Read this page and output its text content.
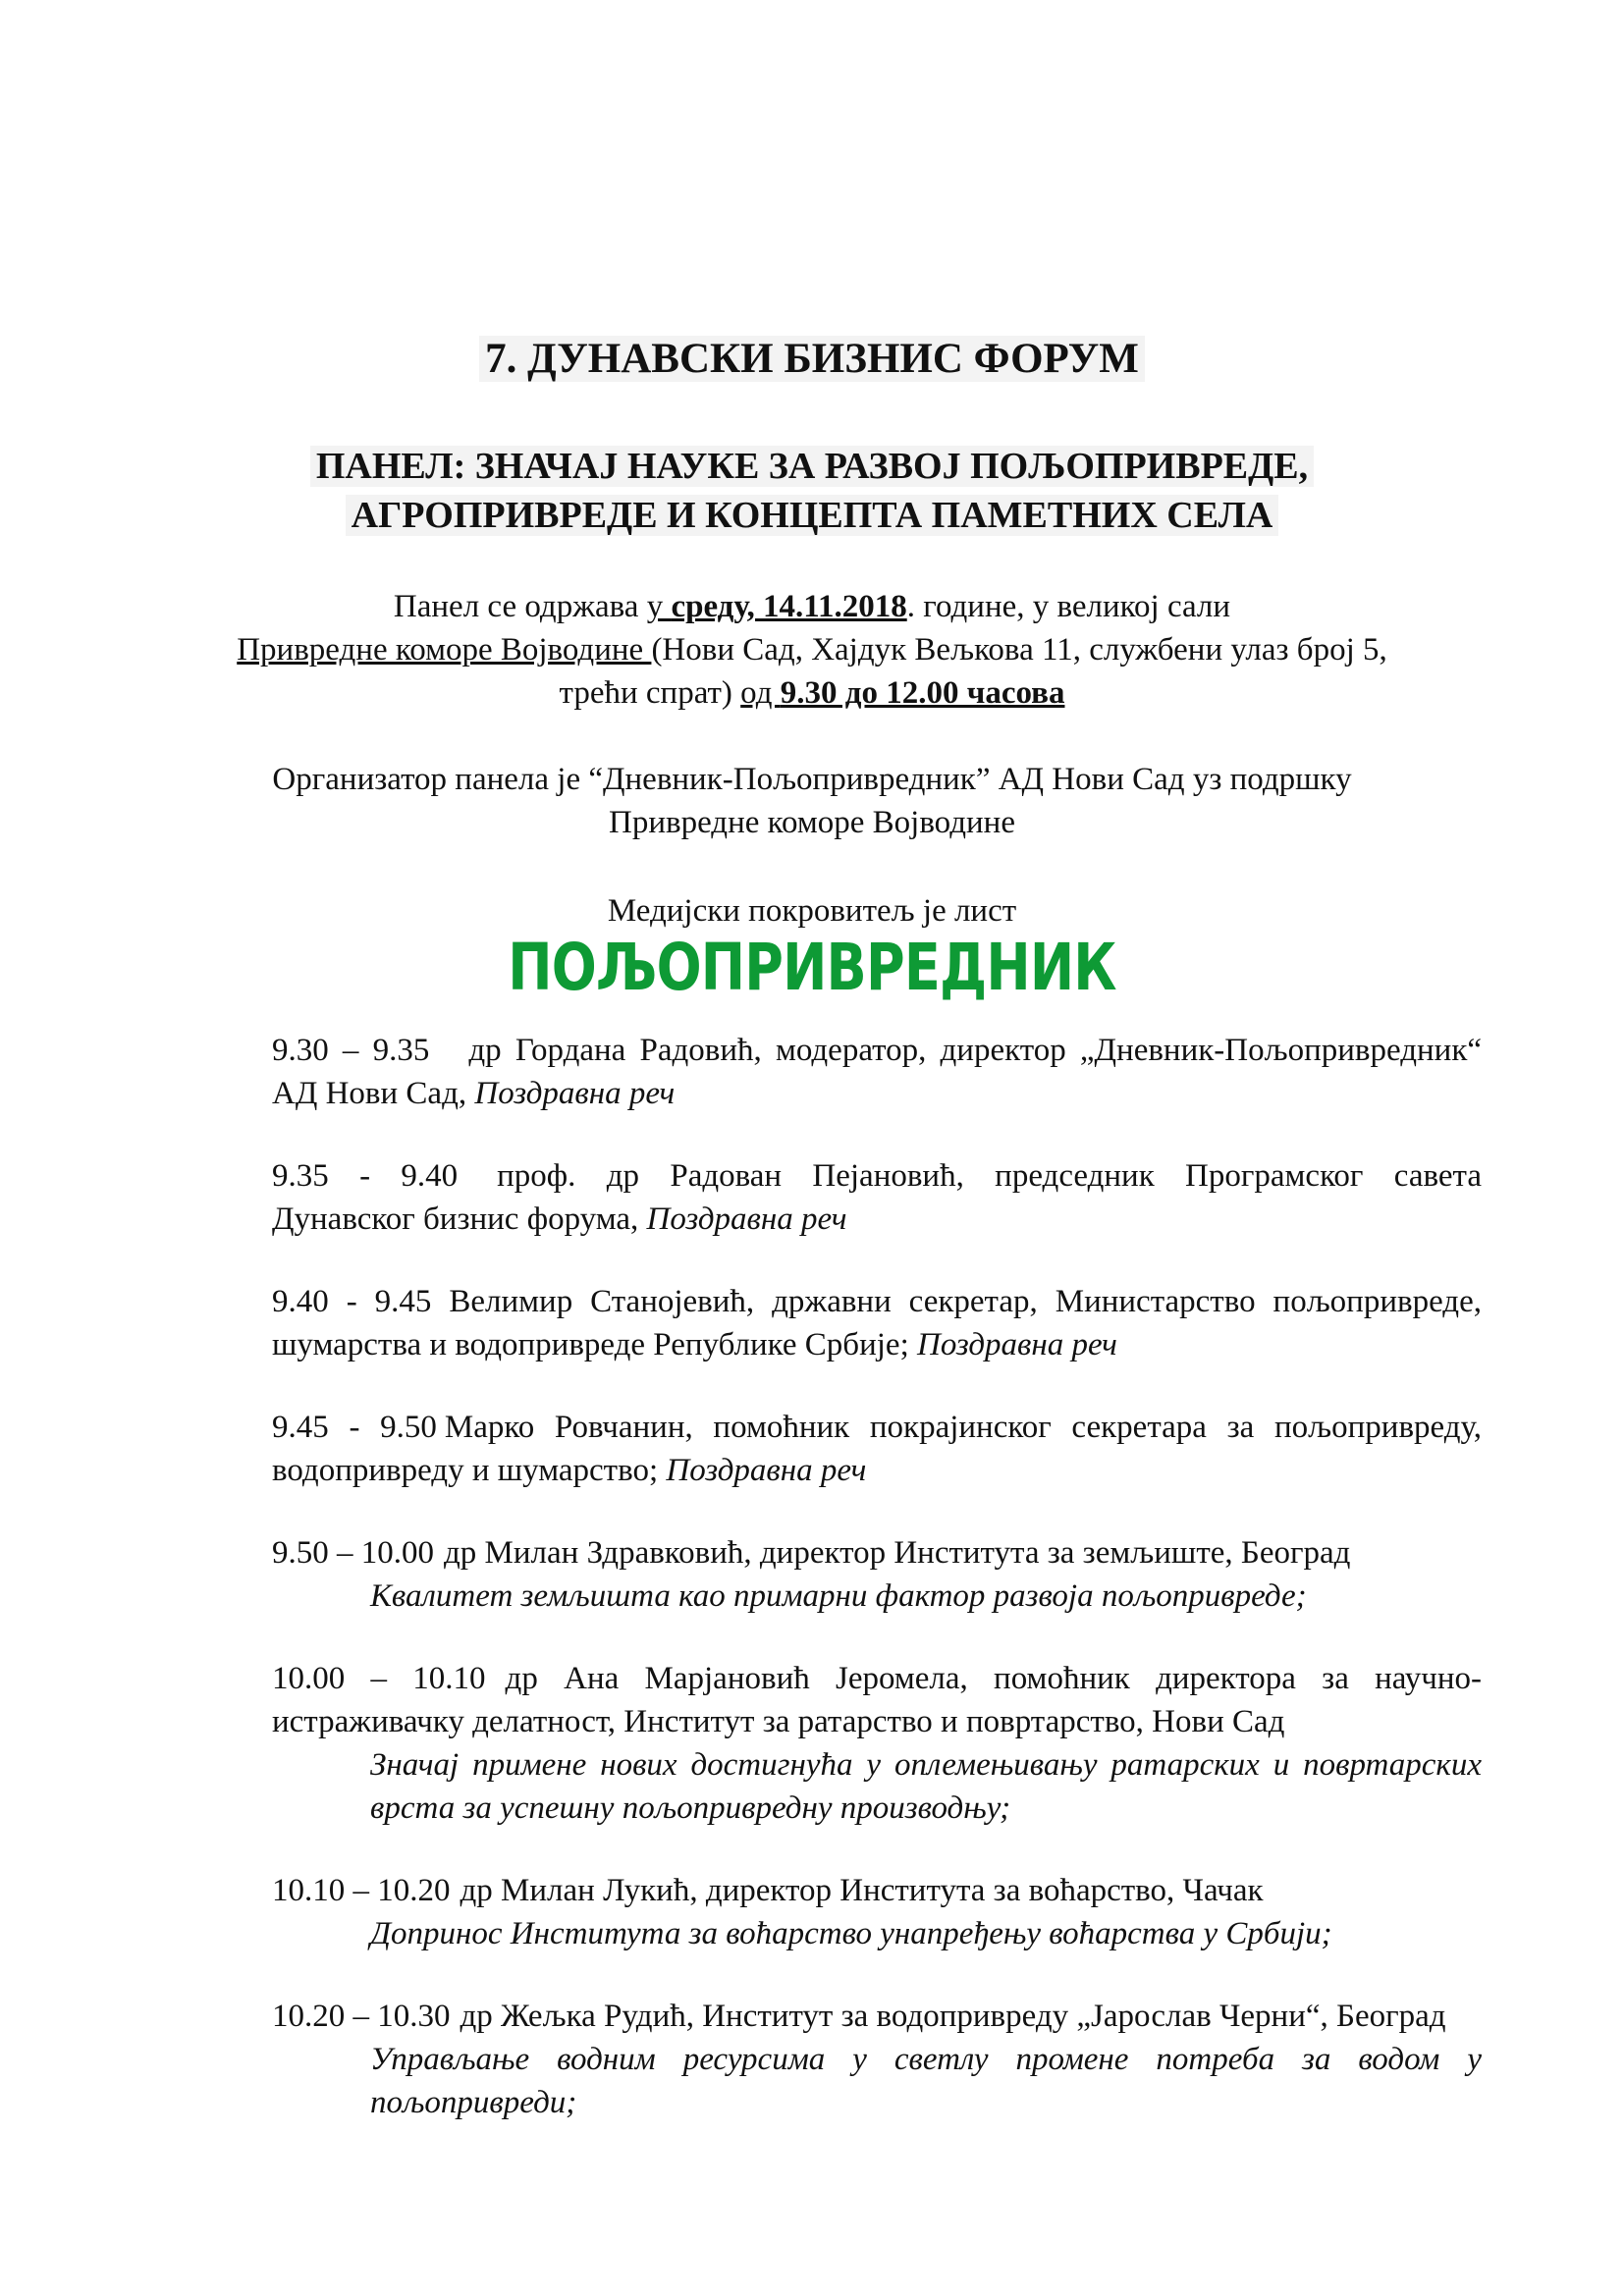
7. ДУНАВСКИ БИЗНИС ФОРУМ
ПАНЕЛ: ЗНАЧАЈ НАУКЕ ЗА РАЗВОЈ ПОЉОПРИВРЕДЕ,
АГРОПРИВРЕДЕ И КОНЦЕПТА ПАМЕТНИХ СЕЛА
Панел се одржава у среду, 14.11.2018. године, у великој сали
Привредне коморе Војводине (Нови Сад, Хајдук Вељкова 11, службени улаз број 5,
трећи спрат) од 9.30 до 12.00 часова
Организатор панела је “Дневник-Пољопривредник” АД Нови Сад уз подршку
Привредне коморе Војводине
Медијски покровитељ је лист
ПОЉОПРИВРЕДНИК
9.30 – 9.35 др Гордана Радовић, модератор, директор „Дневник-Пољопривредник“
АД Нови Сад, Поздравна реч
9.35 - 9.40 проф. др Радован Пејановић, председник Програмског савета
Дунавског бизнис форума, Поздравна реч
9.40 - 9.45 Велимир Станојевић, државни секретар, Министарство пољопривреде,
шумарства и водопривреде Републике Србије; Поздравна реч
9.45 - 9.50 Марко Ровчанин, помоћник покрајинског секретара за пољопривреду,
водопривреду и шумарство; Поздравна реч
9.50 – 10.00 др Милан Здравковић, директор Института за земљиште, Београд
Квалитет земљишта као примарни фактор развоја пољопривреде;
10.00 – 10.10 др Ана Марјановић Јеромела, помоћник директора за научно-
истраживачку делатност, Институт за ратарство и повртарство, Нови Сад
Значај примене нових достигнућа у оплемењивању ратарских и повртарских
врста за успешну пољопривредну производњу;
10.10 – 10.20 др Милан Лукић, директор Института за воћарство, Чачак
Допринос Института за воћарство унапређењу воћарства у Србији;
10.20 – 10.30 др Жељка Рудић, Институт за водопривреду „Јарослав Черни“, Београд
Управљање водним ресурсима у светлу промене потреба за водом у
пољопривреди;
